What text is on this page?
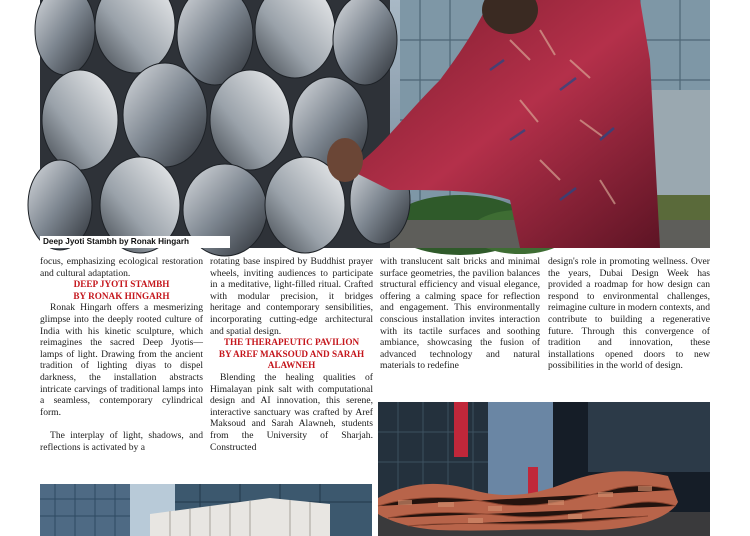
Deep Jyoti Stambh by Ronak Hingarh

focus, emphasizing ecological restoration and cultural adaptation.

DEEP JYOTI STAMBH
BY RONAK HINGARH

Ronak Hingarh offers a mesmerizing glimpse into the deeply rooted culture of India with his kinetic sculpture, which reimagines the sacred Deep Jyotis—lamps of light. Drawing from the ancient tradition of lighting diyas to dispel darkness, the installation abstracts intricate carvings of traditional lamps into a seamless, contemporary cylindrical form.

The interplay of light, shadows, and reflections is activated by a

rotating base inspired by Buddhist prayer wheels, inviting audiences to participate in a meditative, light-filled ritual. Crafted with modular precision, it bridges heritage and contemporary sensibilities, incorporating cutting-edge architectural and spatial design.

THE THERAPEUTIC PAVILION
BY AREF MAKSOUD AND SARAH ALAWNEH

Blending the healing qualities of Himalayan pink salt with computational design and AI innovation, this serene, interactive sanctuary was crafted by Aref Maksoud and Sarah Alawneh, students from the University of Sharjah. Constructed

with translucent salt bricks and minimal surface geometries, the pavilion balances structural efficiency and visual elegance, offering a calming space for reflection and engagement. This environmentally conscious installation invites interaction with its tactile surfaces and soothing ambiance, showcasing the fusion of advanced technology and natural materials to redefine

design's role in promoting wellness. Over the years, Dubai Design Week has provided a roadmap for how design can respond to environmental challenges, reimagine culture in modern contexts, and contribute to building a regenerative future. Through this convergence of tradition and innovation, these installations opened doors to new possibilities in the world of design.
